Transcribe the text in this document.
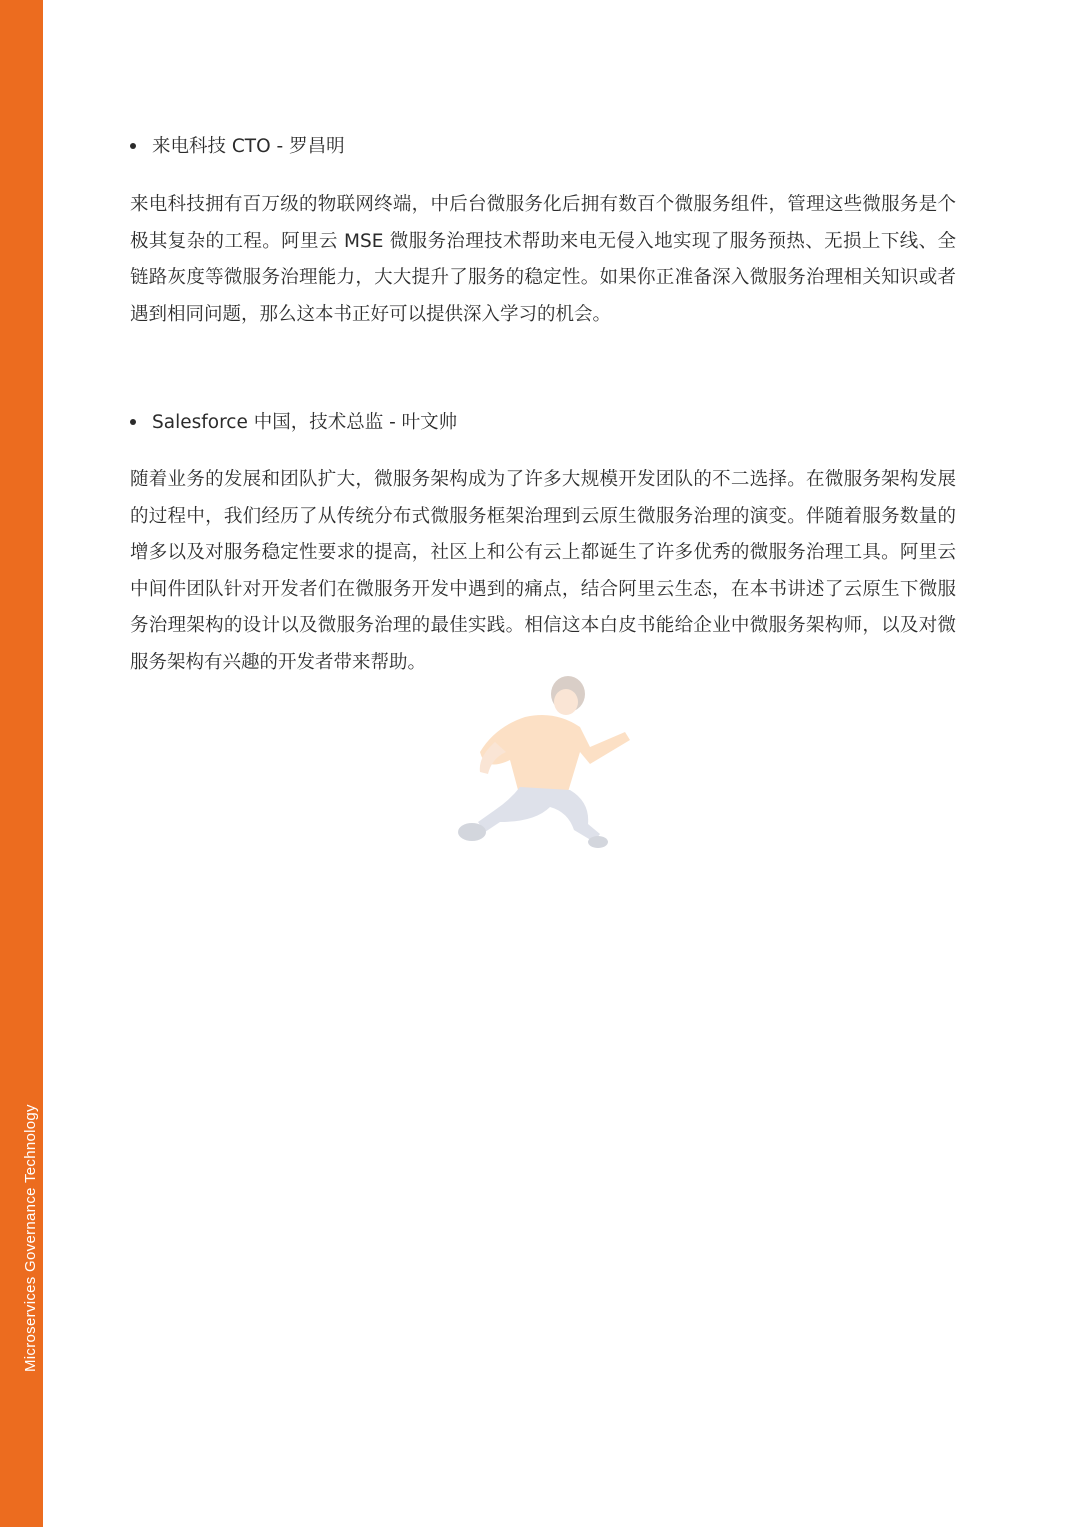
Microservices Governance Technology
来电科技 CTO - 罗昌明

来电科技拥有百万级的物联网终端，中后台微服务化后拥有数百个微服务组件，管理这些微服务是个极其复杂的工程。阿里云 MSE 微服务治理技术帮助来电无侵入地实现了服务预热、无损上下线、全链路灰度等微服务治理能力，大大提升了服务的稳定性。如果你正准备深入微服务治理相关知识或者遇到相同问题，那么这本书正好可以提供深入学习的机会。

Salesforce 中国，技术总监 - 叶文帅

随着业务的发展和团队扩大，微服务架构成为了许多大规模开发团队的不二选择。在微服务架构发展的过程中，我们经历了从传统分布式微服务框架治理到云原生微服务治理的演变。伴随着服务数量的增多以及对服务稳定性要求的提高，社区上和公有云上都诞生了许多优秀的微服务治理工具。阿里云中间件团队针对开发者们在微服务开发中遇到的痛点，结合阿里云生态，在本书讲述了云原生下微服务治理架构的设计以及微服务治理的最佳实践。相信这本白皮书能给企业中微服务架构师，以及对微服务架构有兴趣的开发者带来帮助。
